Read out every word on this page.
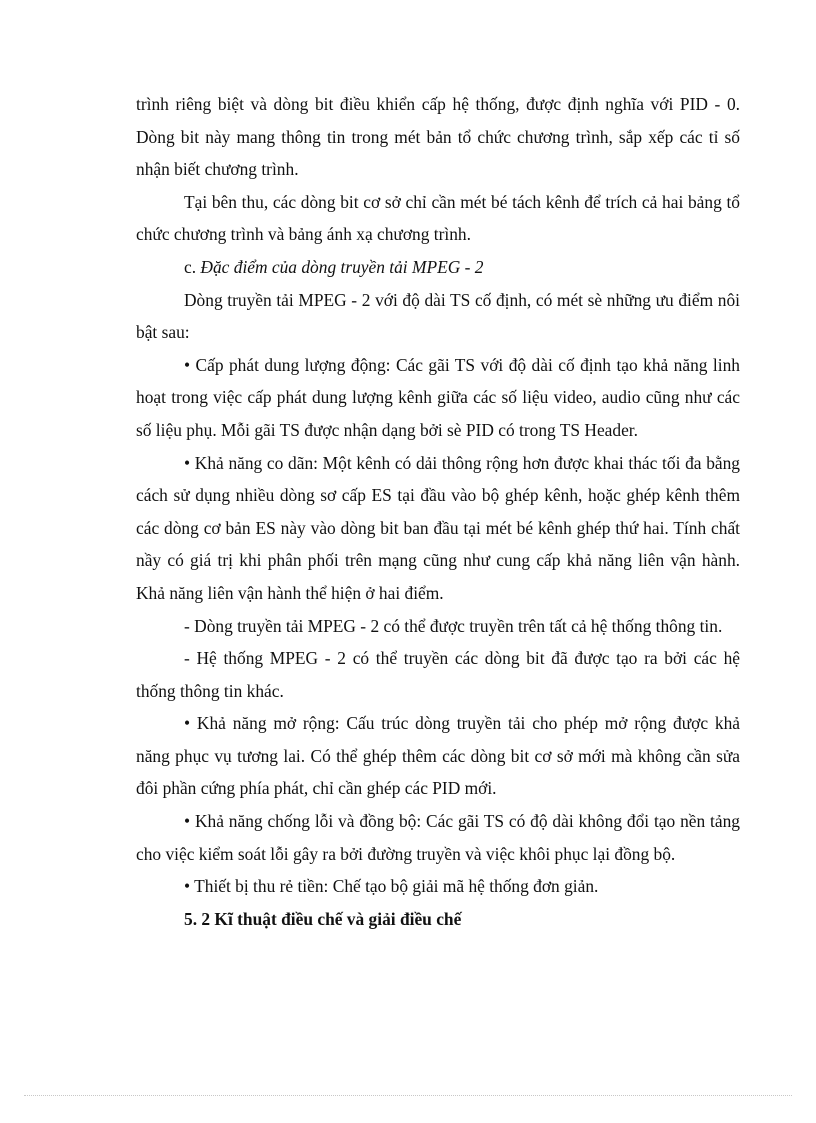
trình riêng biệt và dòng bit điều khiển cấp hệ thống, được định nghĩa với PID - 0. Dòng bit này mang thông tin trong mét bản tổ chức chương trình, sắp xếp các tỉ số nhận biết chương trình.

Tại bên thu, các dòng bit cơ sở chỉ cần mét bé tách kênh để trích cả hai bảng tổ chức chương trình và bảng ánh xạ chương trình.

c. Đặc điểm của dòng truyền tải MPEG - 2

Dòng truyền tải MPEG - 2 với độ dài TS cố định, có mét sè những ưu điểm nôi bật sau:

• Cấp phát dung lượng động: Các gãi TS với độ dài cố định tạo khả năng linh hoạt trong việc cấp phát dung lượng kênh giữa các số liệu video, audio cũng như các số liệu phụ. Mỗi gãi TS được nhận dạng bởi sè PID có trong TS Header.

• Khả năng co dãn: Một kênh có dải thông rộng hơn được khai thác tối đa bằng cách sử dụng nhiều dòng sơ cấp ES tại đầu vào bộ ghép kênh, hoặc ghép kênh thêm các dòng cơ bản ES này vào dòng bit ban đầu tại mét bé kênh ghép thứ hai. Tính chất nầy có giá trị khi phân phối trên mạng cũng như cung cấp khả năng liên vận hành. Khả năng liên vận hành thể hiện ở hai điểm.

- Dòng truyền tải MPEG - 2 có thể được truyền trên tất cả hệ thống thông tin.

- Hệ thống MPEG - 2 có thể truyền các dòng bit đã được tạo ra bởi các hệ thống thông tin khác.

• Khả năng mở rộng: Cấu trúc dòng truyền tải cho phép mở rộng được khả năng phục vụ tương lai. Có thể ghép thêm các dòng bit cơ sở mới mà không cần sửa đôi phần cứng phía phát, chỉ cần ghép các PID mới.

• Khả năng chống lỗi và đồng bộ: Các gãi TS có độ dài không đổi tạo nền tảng cho việc kiểm soát lỗi gây ra bởi đường truyền và việc khôi phục lại đồng bộ.

• Thiết bị thu rẻ tiền: Chế tạo bộ giải mã hệ thống đơn giản.

5. 2 Kĩ thuật điều chế và giải điều chế
